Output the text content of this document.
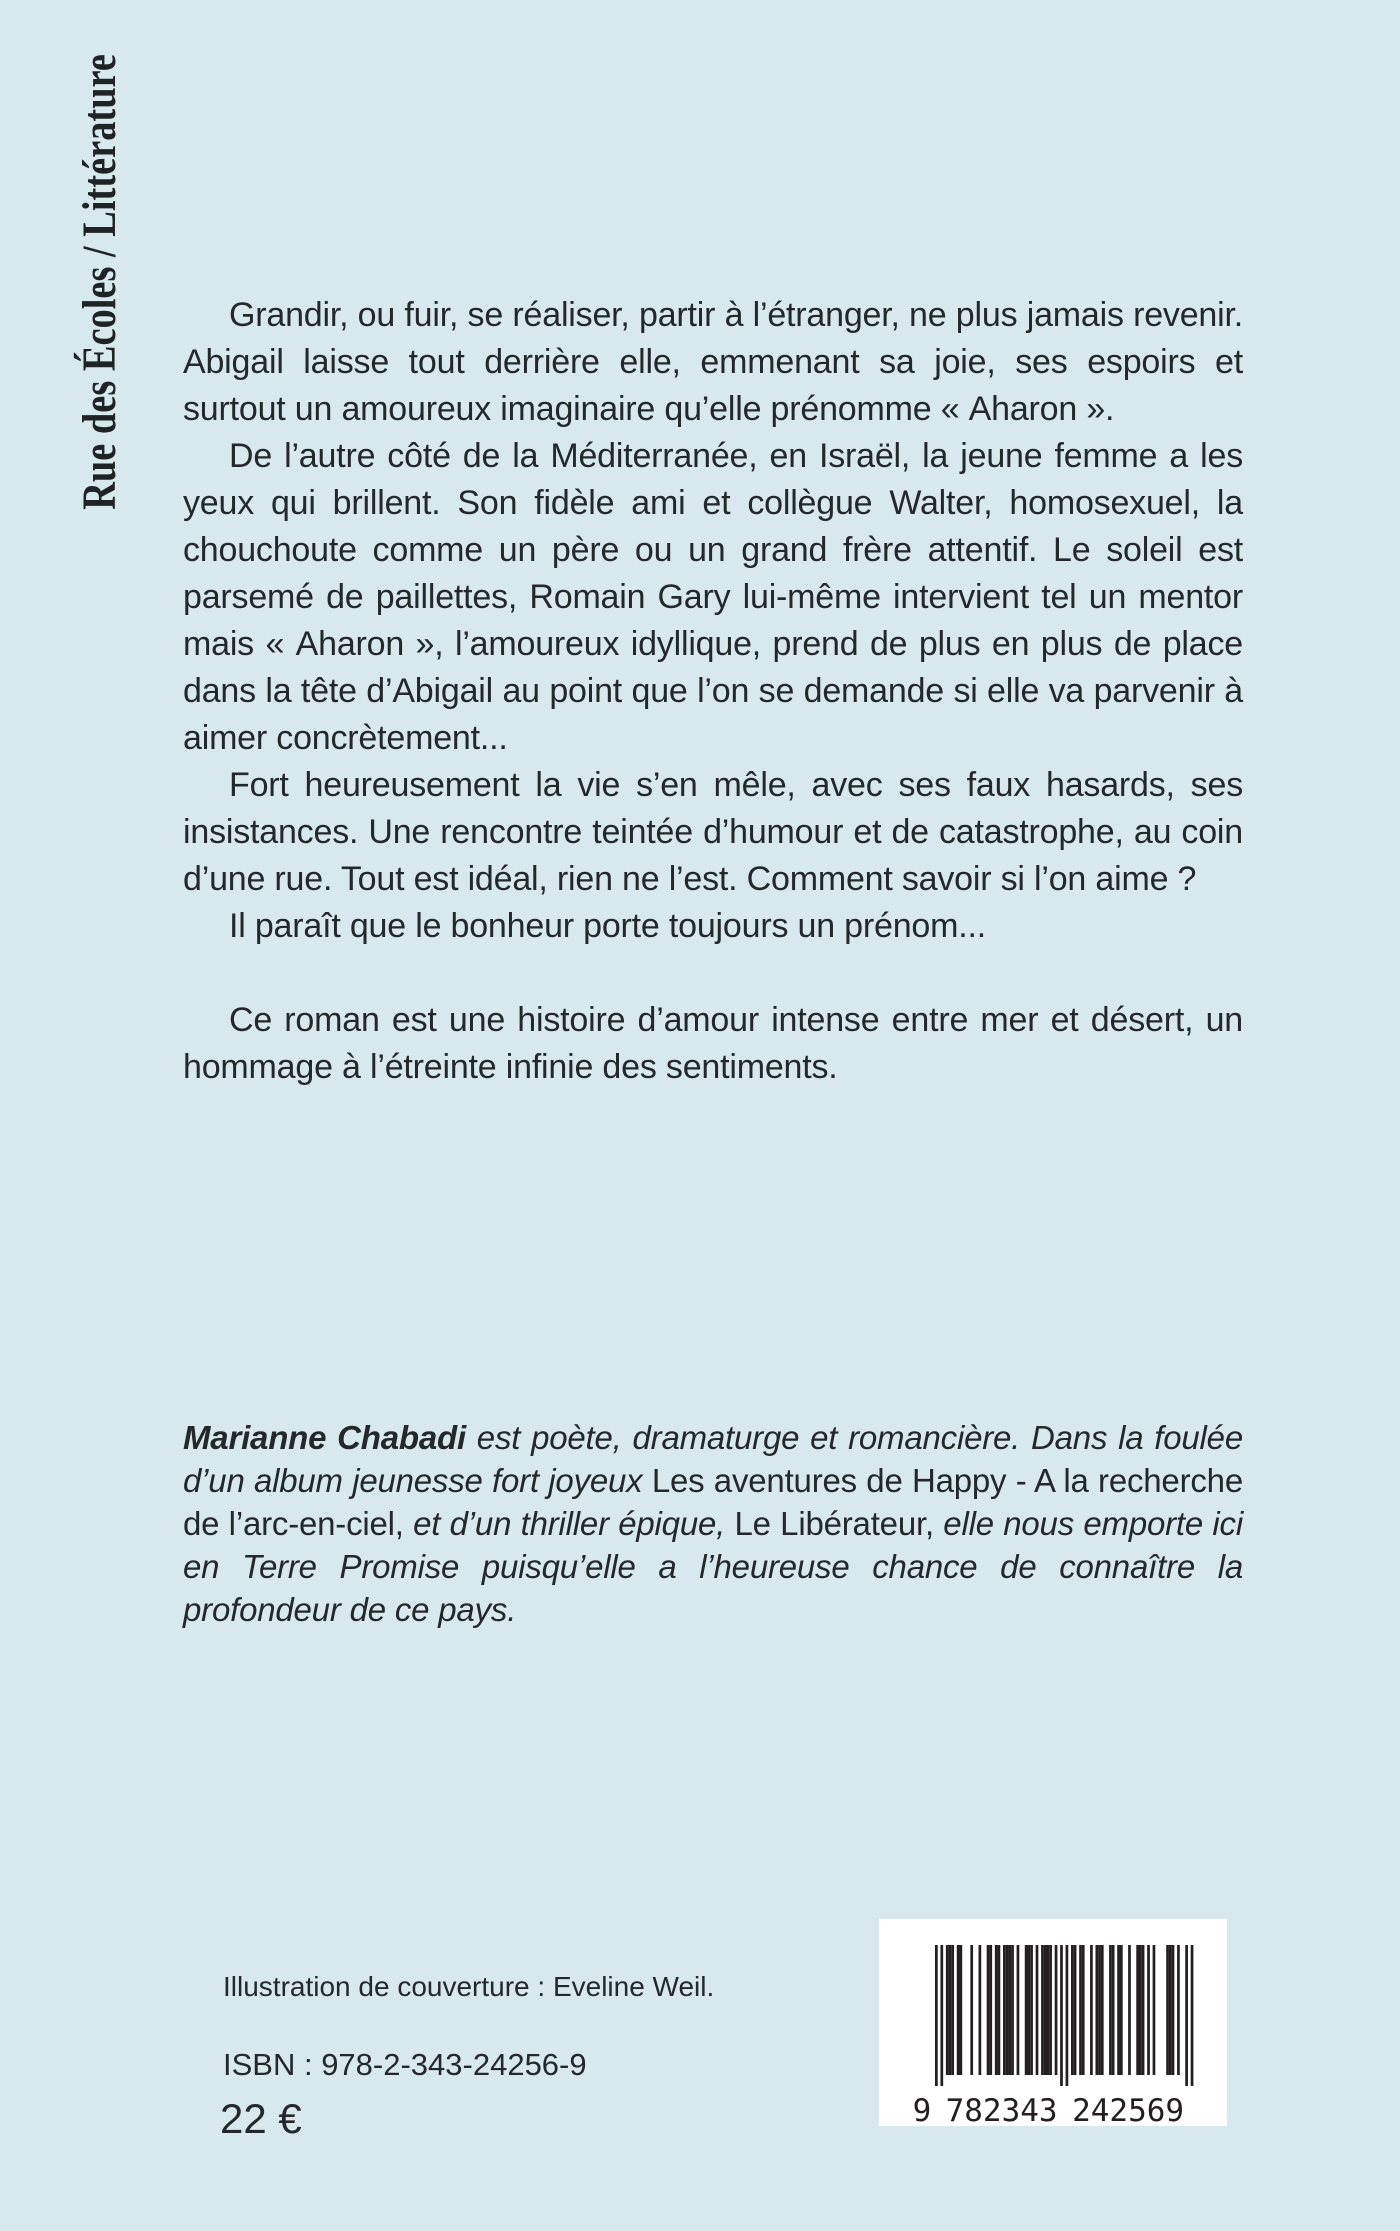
Rue des Écoles / Littérature	Grandir, ou fuir, se réaliser, partir à l’étranger, ne plus jamais revenir. Abigail laisse tout derrière elle, emmenant sa joie, ses espoirs et surtout un amoureux imaginaire qu’elle prénomme « Aharon ».

De l’autre côté de la Méditerranée, en Israël, la jeune femme a les yeux qui brillent. Son fidèle ami et collègue Walter, homosexuel, la chouchoute comme un père ou un grand frère attentif. Le soleil est parsemé de paillettes, Romain Gary lui-même intervient tel un mentor mais « Aharon », l’amoureux idyllique, prend de plus en plus de place dans la tête d’Abigail au point que l’on se demande si elle va parvenir à aimer concrètement...

Fort heureusement la vie s’en mêle, avec ses faux hasards, ses insistances. Une rencontre teintée d’humour et de catastrophe, au coin d’une rue. Tout est idéal, rien ne l’est. Comment savoir si l’on aime ?

Il paraît que le bonheur porte toujours un prénom...

Ce roman est une histoire d’amour intense entre mer et désert, un hommage à l’étreinte infinie des sentiments.

Marianne Chabadi est poète, dramaturge et romancière. Dans la foulée d’un album jeunesse fort joyeux Les aventures de Happy - A la recherche de l’arc-en-ciel, et d’un thriller épique, Le Libérateur, elle nous emporte ici en Terre Promise puisqu’elle a l’heureuse chance de connaître la profondeur de ce pays.
Illustration de couverture : Eveline Weil.
ISBN : 978-2-343-24256-9
22 €	9 782343 242569
